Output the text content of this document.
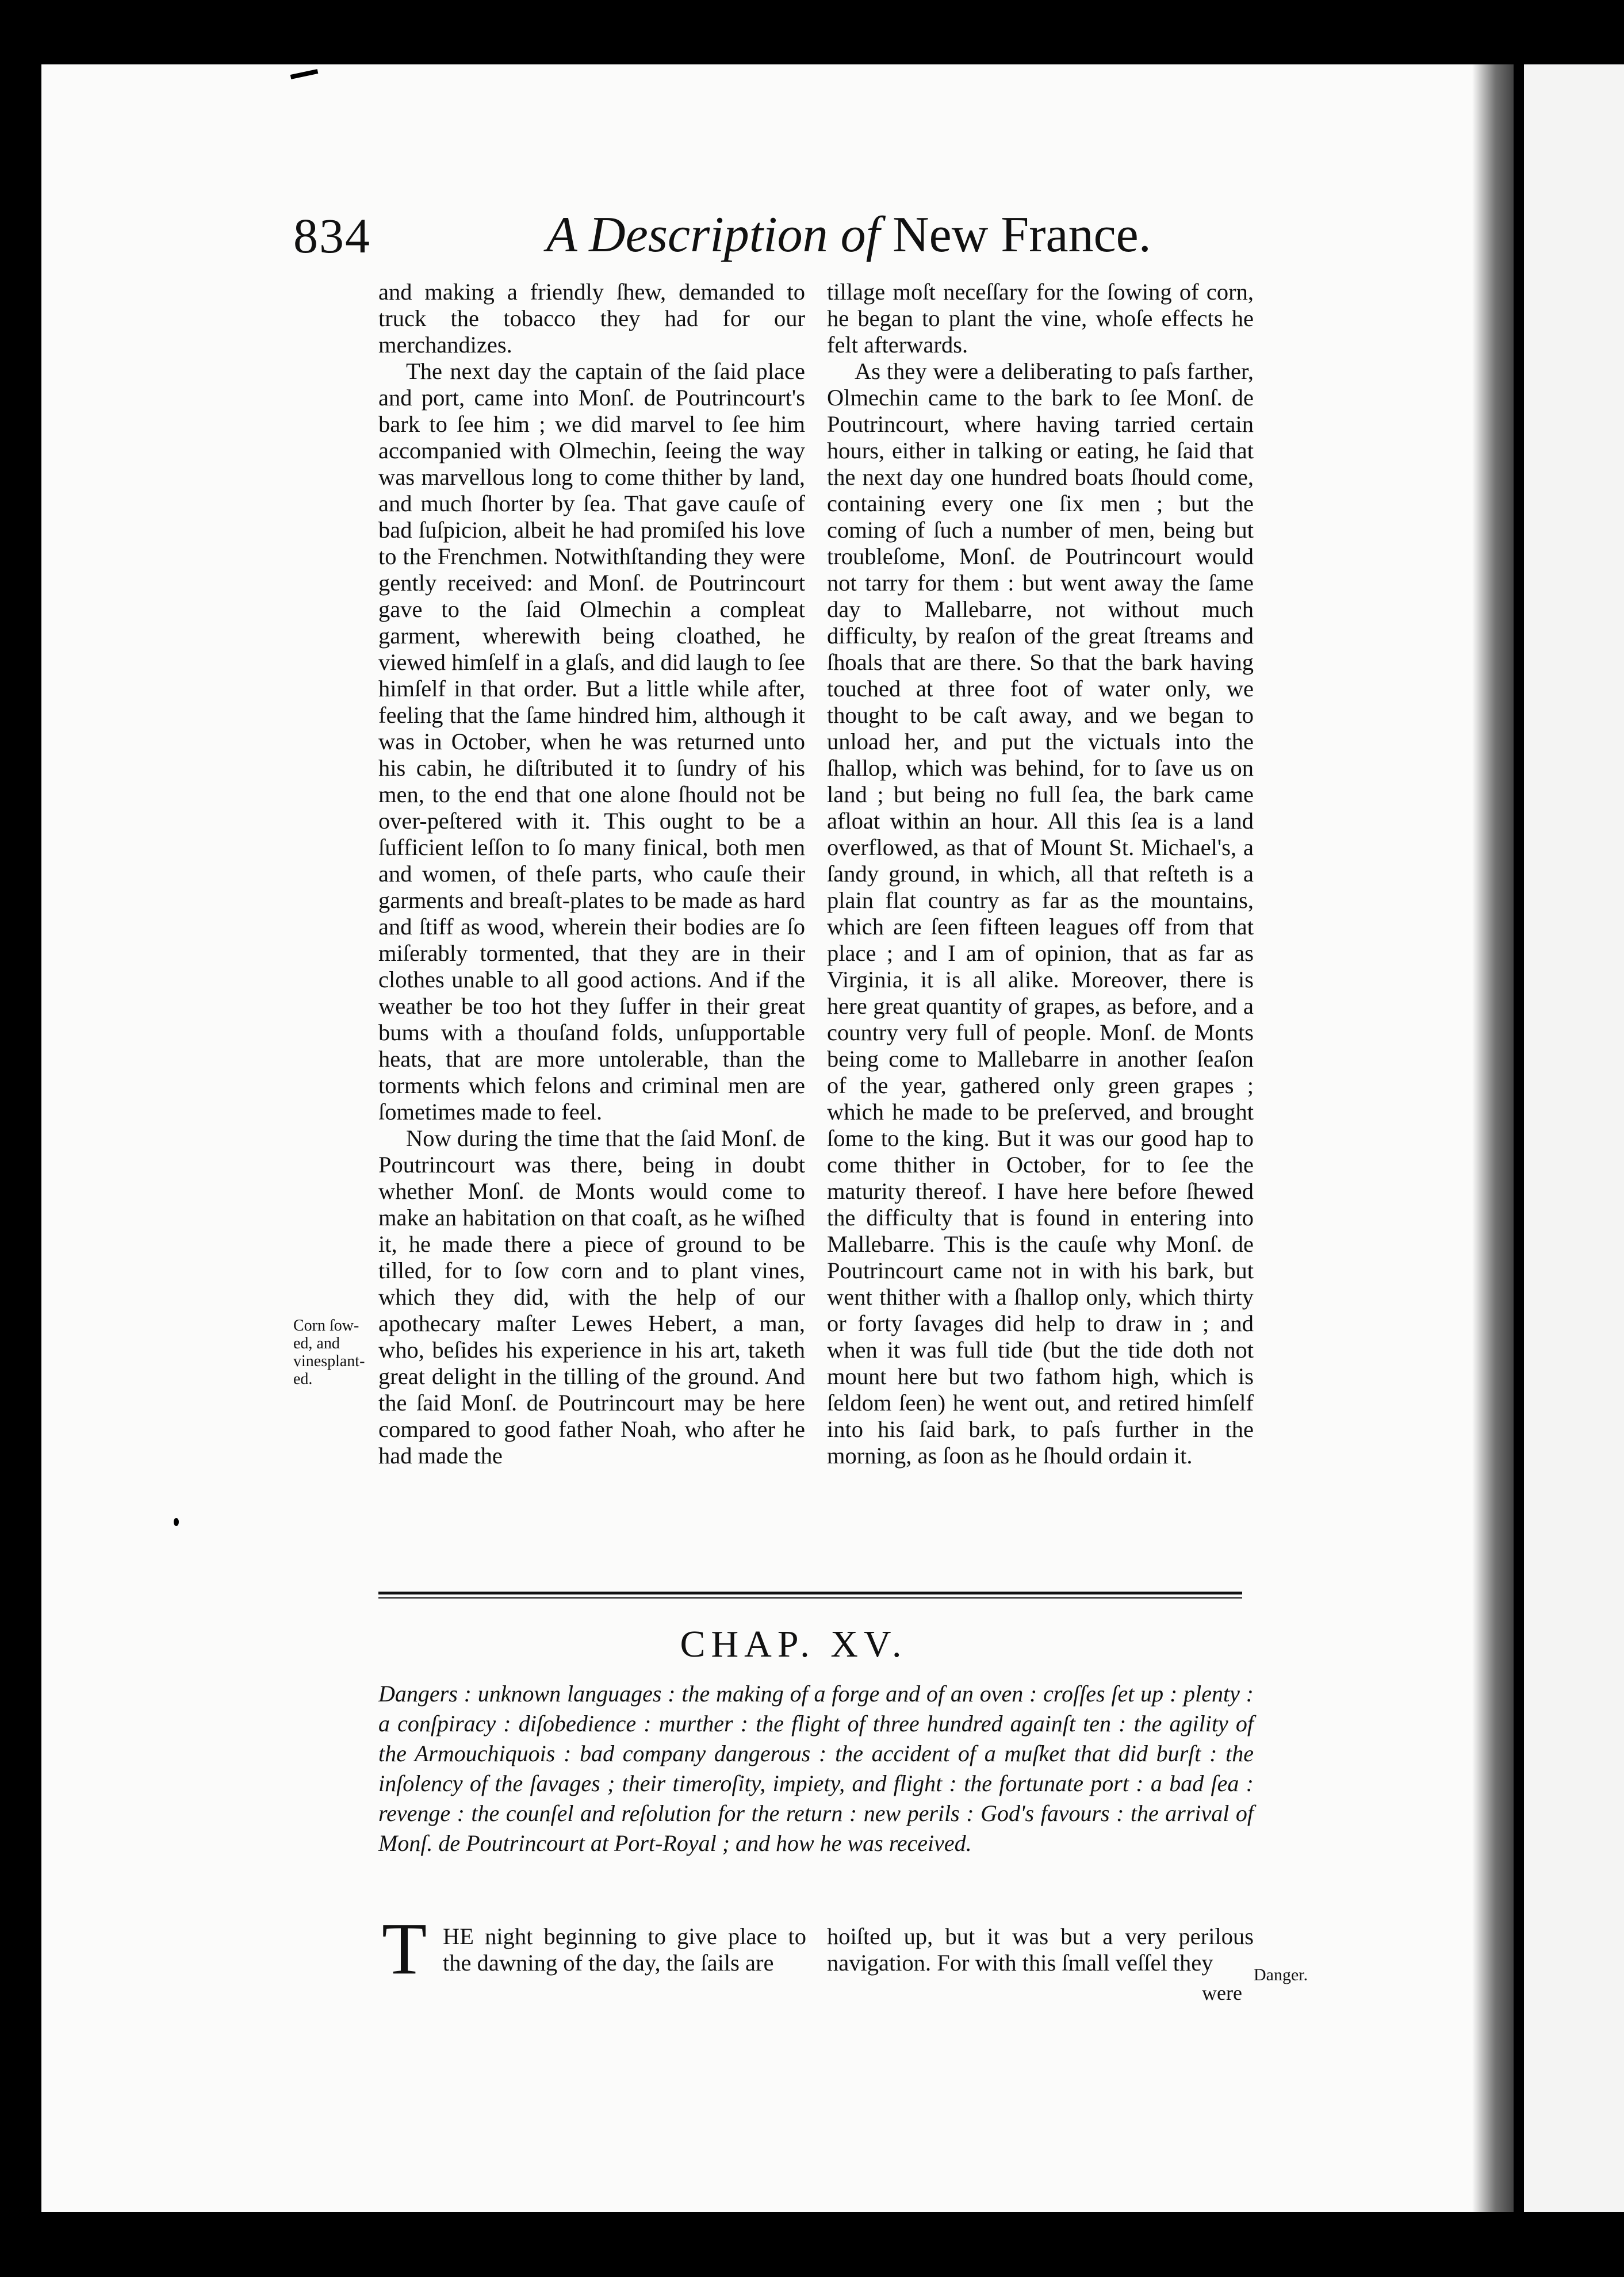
834	A Description of New France.

and making a friendly ſhew, demanded to truck the tobacco they had for our merchandizes.

The next day the captain of the ſaid place and port, came into Monſ. de Poutrincourt's bark to ſee him ; we did marvel to ſee him accompanied with Olmechin, ſeeing the way was marvellous long to come thither by land, and much ſhorter by ſea. That gave cauſe of bad ſuſpicion, albeit he had promiſed his love to the Frenchmen. Notwithſtanding they were gently received: and Monſ. de Poutrincourt gave to the ſaid Olmechin a compleat garment, wherewith being cloathed, he viewed himſelf in a glaſs, and did laugh to ſee himſelf in that order. But a little while after, feeling that the ſame hindred him, although it was in October, when he was returned unto his cabin, he diſtributed it to ſundry of his men, to the end that one alone ſhould not be over-peſtered with it. This ought to be a ſufficient leſſon to ſo many finical, both men and women, of theſe parts, who cauſe their garments and breaſt-plates to be made as hard and ſtiff as wood, wherein their bodies are ſo miſerably tormented, that they are in their clothes unable to all good actions. And if the weather be too hot they ſuffer in their great bums with a thouſand folds, unſupportable heats, that are more untolerable, than the torments which felons and criminal men are ſometimes made to feel.

Now during the time that the ſaid Monſ. de Poutrincourt was there, being in doubt whether Monſ. de Monts would come to make an habitation on that coaſt, as he wiſhed it, he made there a piece of ground to be tilled, for to ſow corn and to plant vines, which they did, with the help of our apothecary maſter Lewes Hebert, a man, who, beſides his experience in his art, taketh great delight in the tilling of the ground. And the ſaid Monſ. de Poutrincourt may be here compared to good father Noah, who after he had made the

Corn ſow-ed, and vinesplant-ed.

tillage moſt neceſſary for the ſowing of corn, he began to plant the vine, whoſe effects he felt afterwards.

As they were a deliberating to paſs farther, Olmechin came to the bark to ſee Monſ. de Poutrincourt, where having tarried certain hours, either in talking or eating, he ſaid that the next day one hundred boats ſhould come, containing every one ſix men ; but the coming of ſuch a number of men, being but troubleſome, Monſ. de Poutrincourt would not tarry for them : but went away the ſame day to Mallebarre, not without much difficulty, by reaſon of the great ſtreams and ſhoals that are there. So that the bark having touched at three foot of water only, we thought to be caſt away, and we began to unload her, and put the victuals into the ſhallop, which was behind, for to ſave us on land ; but being no full ſea, the bark came afloat within an hour. All this ſea is a land overflowed, as that of Mount St. Michael's, a ſandy ground, in which, all that reſteth is a plain flat country as far as the mountains, which are ſeen fifteen leagues off from that place ; and I am of opinion, that as far as Virginia, it is all alike. Moreover, there is here great quantity of grapes, as before, and a country very full of people. Monſ. de Monts being come to Mallebarre in another ſeaſon of the year, gathered only green grapes ; which he made to be preſerved, and brought ſome to the king. But it was our good hap to come thither in October, for to ſee the maturity thereof. I have here before ſhewed the difficulty that is found in entering into Mallebarre. This is the cauſe why Monſ. de Poutrincourt came not in with his bark, but went thither with a ſhallop only, which thirty or forty ſavages did help to draw in ; and when it was full tide (but the tide doth not mount here but two fathom high, which is ſeldom ſeen) he went out, and retired himſelf into his ſaid bark, to paſs further in the morning, as ſoon as he ſhould ordain it.

CHAP. XV.
Dangers : unknown languages : the making of a forge and of an oven : croſſes ſet up : plenty : a conſpiracy : diſobedience : murther : the flight of three hundred againſt ten : the agility of the Armouchiquois : bad company dangerous : the accident of a muſket that did burſt : the inſolency of the ſavages ; their timeroſity, impiety, and flight : the fortunate port : a bad ſea : revenge : the counſel and reſolution for the return : new perils : God's favours : the arrival of Monſ. de Poutrincourt at Port-Royal ; and how he was received.
T HE night beginning to give place to the dawning of the day, the ſails are
hoiſted up, but it was but a very perilous navigation. For with this ſmall veſſel they	Danger.
were
